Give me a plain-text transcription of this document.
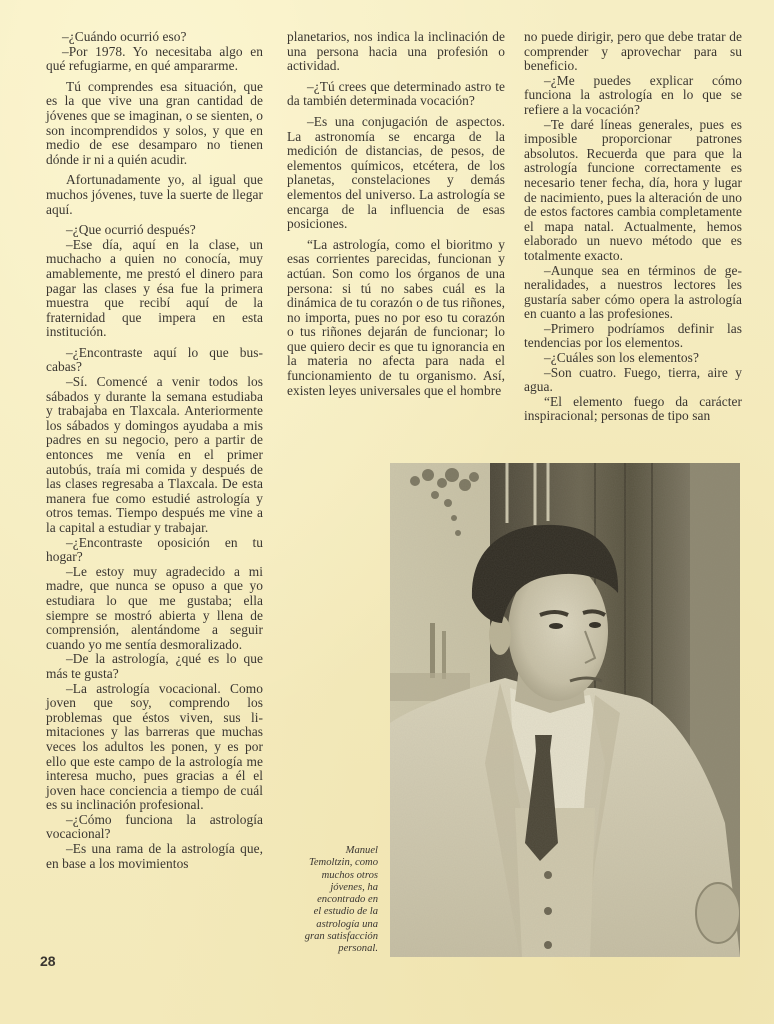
–¿Cuándo ocurrió eso?

–Por 1978. Yo necesitaba algo en qué refugiarme, en qué ampararme.

Tú comprendes esa situación, que es la que vive una gran cantidad de jóvenes que se imaginan, o se sienten, o son incomprendidos y solos, y que en medio de ese desamparo no tienen dónde ir ni a quién acudir.

Afortunadamente yo, al igual que muchos jóvenes, tuve la suerte de llegar aquí.

–¿Que ocurrió después?

–Ese día, aquí en la clase, un muchacho a quien no conocía, muy amablemente, me prestó el dinero para pagar las clases y ésa fue la primera muestra que recibí aquí de la fraternidad que impera en esta institución.

–¿Encontraste aquí lo que buscabas?

–Sí. Comencé a venir todos los sábados y durante la semana estudiaba y trabajaba en Tlaxcala. Anteriormente los sábados y domingos ayudaba a mis padres en su negocio, pero a partir de entonces me venía en el primer autobús, traía mi comida y después de las clases regresaba a Tlaxcala. De esta manera fue como estudié astrología y otros temas. Tiempo después me vine a la capital a estudiar y trabajar.

–¿Encontraste oposición en tu hogar?

–Le estoy muy agradecido a mi madre, que nunca se opuso a que yo estudiara lo que me gustaba; ella siempre se mostró abierta y llena de comprensión, alentándome a seguir cuando yo me sentía desmoralizado.

–De la astrología, ¿qué es lo que más te gusta?

–La astrología vocacional. Como joven que soy, comprendo los problemas que éstos viven, sus limitaciones y las barreras que muchas veces los adultos les ponen, y es por ello que este campo de la astrología me interesa mucho, pues gracias a él el joven hace conciencia a tiempo de cuál es su inclinación profesional.

–¿Cómo funciona la astrología vocacional?

–Es una rama de la astrología que, en base a los movimientos

planetarios, nos indica la inclinación de una persona hacia una profesión o actividad.

–¿Tú crees que determinado astro te da también determinada vocación?

–Es una conjugación de aspectos. La astronomía se encarga de la medición de distancias, de pesos, de elementos químicos, etcétera, de los planetas, constelaciones y demás elementos del universo. La astrología se encarga de la influencia de esas posiciones.

“La astrología, como el bioritmo y esas corrientes parecidas, funcionan y actúan. Son como los órganos de una persona: si tú no sabes cuál es la dinámica de tu corazón o de tus riñones, no importa, pues no por eso tu corazón o tus riñones dejarán de funcionar; lo que quiero decir es que tu ignorancia en la materia no afecta para nada el funcionamiento de tu organismo. Así, existen leyes universales que el hombre

no puede dirigir, pero que debe tratar de comprender y aprovechar para su beneficio.

–¿Me puedes explicar cómo funciona la astrología en lo que se refiere a la vocación?

–Te daré líneas generales, pues es imposible proporcionar patrones absolutos. Recuerda que para que la astrología funcione correctamente es necesario tener fecha, día, hora y lugar de nacimiento, pues la alteración de uno de estos factores cambia completamente el mapa natal. Actualmente, hemos elaborado un nuevo método que es totalmente exacto.

–Aunque sea en términos de generalidades, a nuestros lectores les gustaría saber cómo opera la astrología en cuanto a las profesiones.

–Primero podríamos definir las tendencias por los elementos.

–¿Cuáles son los elementos?

–Son cuatro. Fuego, tierra, aire y agua.

“El elemento fuego da carácter inspiracional; personas de tipo san

Manuel
Temoltzin, como
muchos otros
jóvenes, ha
encontrado en
el estudio de la
astrología una
gran satisfacción
personal.
28
